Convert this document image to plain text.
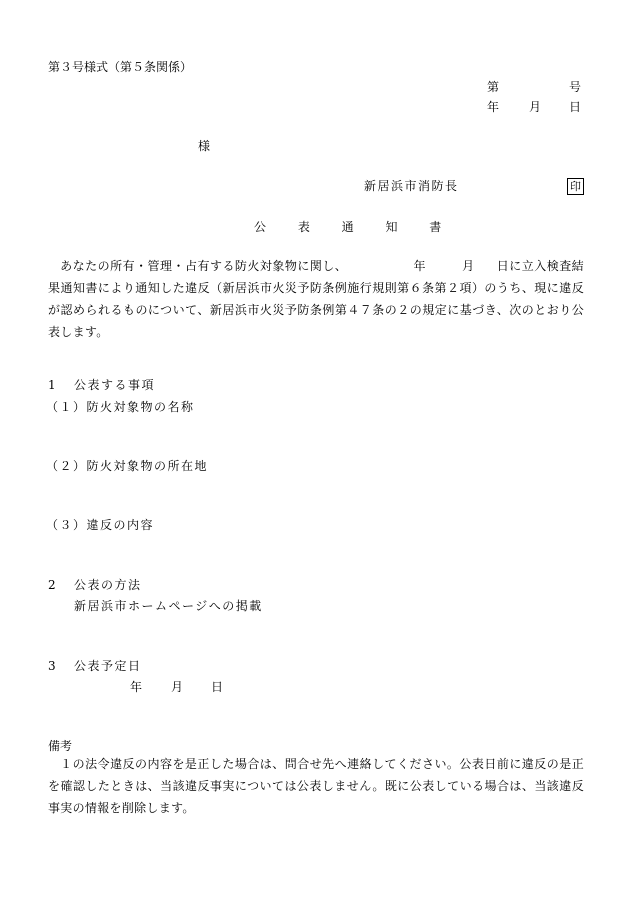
第３号様式（第５条関係）
第	号
年 月 日
様
新居浜市消防長	印
公 表 通 知 書
あなたの所有・管理・占有する防火対象物に関し、	年	月 日に立入検査結果通知書により通知した違反（新居浜市火災予防条例施行規則第６条第２項）のうち、現に違反が認められるものについて、新居浜市火災予防条例第４７条の２の規定に基づき、次のとおり公表します。
1 公表する事項
（１）防火対象物の名称
（２）防火対象物の所在地
（３）違反の内容
2 公表の方法
新居浜市ホームページへの掲載
3 公表予定日
年 月 日
備考
１の法令違反の内容を是正した場合は、問合せ先へ連絡してください。公表日前に違反の是正を確認したときは、当該違反事実については公表しません。既に公表している場合は、当該違反事実の情報を削除します。
